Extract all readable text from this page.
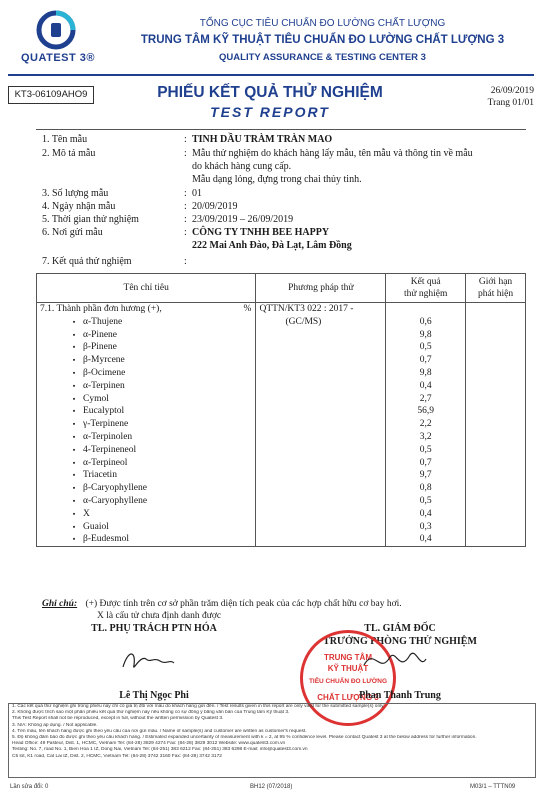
QUATEST 3®
TỔNG CỤC TIÊU CHUẨN ĐO LƯỜNG CHẤT LƯỢNG
TRUNG TÂM KỸ THUẬT TIÊU CHUẨN ĐO LƯỜNG CHẤT LƯỢNG 3
QUALITY ASSURANCE & TESTING CENTER 3
KT3-06109AHO9	PHIẾU KẾT QUẢ THỬ NGHIỆM
TEST REPORT
26/09/2019
Trang 01/01
1. Tên mẫu	: TINH DẦU TRÀM TRÀN MAO
2. Mô tả mẫu	: Mẫu thử nghiệm do khách hàng lấy mẫu, tên mẫu và thông tin về mẫu
do khách hàng cung cấp.
Mẫu dạng lỏng, đựng trong chai thủy tinh.
3. Số lượng mẫu	: 01
4. Ngày nhận mẫu	: 20/09/2019
5. Thời gian thử nghiệm	: 23/09/2019 – 26/09/2019
6. Nơi gửi mẫu	: CÔNG TY TNHH BEE HAPPY
222 Mai Anh Đào, Đà Lạt, Lâm Đồng
7. Kết quả thử nghiệm	:
Tên chỉ tiêu	Phương pháp thử	Kết quả
thử nghiệm	Giới hạn
phát hiện
7.1. Thành phần đơn hương (+), %	QTTN/KT3 022 : 2017 -		
▪ α-Thujene	(GC/MS)	0,6	
▪ α-Pinene		9,8	
▪ β-Pinene		0,5	
▪ β-Myrcene		0,7	
▪ β-Ocimene		9,8	
▪ α-Terpinen		0,4	
▪ Cymol		2,7	
▪ Eucalyptol		56,9	
▪ γ-Terpinene		2,2	
▪ α-Terpinolen		3,2	
▪ 4-Terpineneol		0,5	
▪ α-Terpineol		0,7	
▪ Triacetin		9,7	
▪ β-Caryophyllene		0,8	
▪ α-Caryophyllene		0,5	
▪ X		0,4	
▪ Guaiol		0,3	
▪ β-Eudesmol		0,4	
Ghi chú: (+) Được tính trên cơ sở phần trăm diện tích peak của các hợp chất hữu cơ bay hơi.
X là cấu tử chưa định danh được
TL. PHỤ TRÁCH PTN HÓA	TL. GIÁM ĐỐC
TRƯỞNG PHÒNG THỬ NGHIỆM
TRUNG TÂM
KỸ THUẬT
TIÊU CHUẨN ĐO LƯỜNG
CHẤT LƯỢNG 3
Lê Thị Ngọc Phi	Phan Thanh Trung
1. Các kết quả thử nghiệm ghi trong phiếu này chỉ có giá trị đối với mẫu do khách hàng gửi đến. / Test results given in this report are only valid for the submitted sample(s) only.
2. Không được trích sao một phần phiếu kết quả thử nghiệm này nếu không có sự đồng ý bằng văn bản của Trung tâm Kỹ thuật 3.
This Test Report shall not be reproduced, except in full, without the written permission by Quatest 3.
3. N/A: Không áp dụng. / Not applicable.
4. Tên mẫu, tên khách hàng được ghi theo yêu cầu của nơi gửi mẫu. / Name of sample(s) and customer are written as customer's request.
5. Độ không đảm bảo đo được ghi theo yêu cầu khách hàng. / Estimated expanded uncertainty of measurement with k = 2, at 95 % confidence level. Please contact Quatest 3 at the below address for further information.
Head Office: 49 Pasteur, Dist. 1, HCMC, Vietnam Tel: (84-28) 3829 4274 Fax: (84-28) 3829 3012 Website: www.quatest3.com.vn
Testing: No. 7, road No. 1, Bien Hoa 1 IZ, Dong Nai, Vietnam Tel: (84-251) 383 6212 Fax: (84-251) 383 6298 E-mail: info@quatest3.com.vn
C5 lot, K1 road, Cat Lai IZ, Dist. 2, HCMC, Vietnam Tel: (84-28) 3742 3160 Fax: (84-28) 3742 3172
Lần sửa đổi: 0	BH12 (07/2018)	M03/1 – TTTN09
